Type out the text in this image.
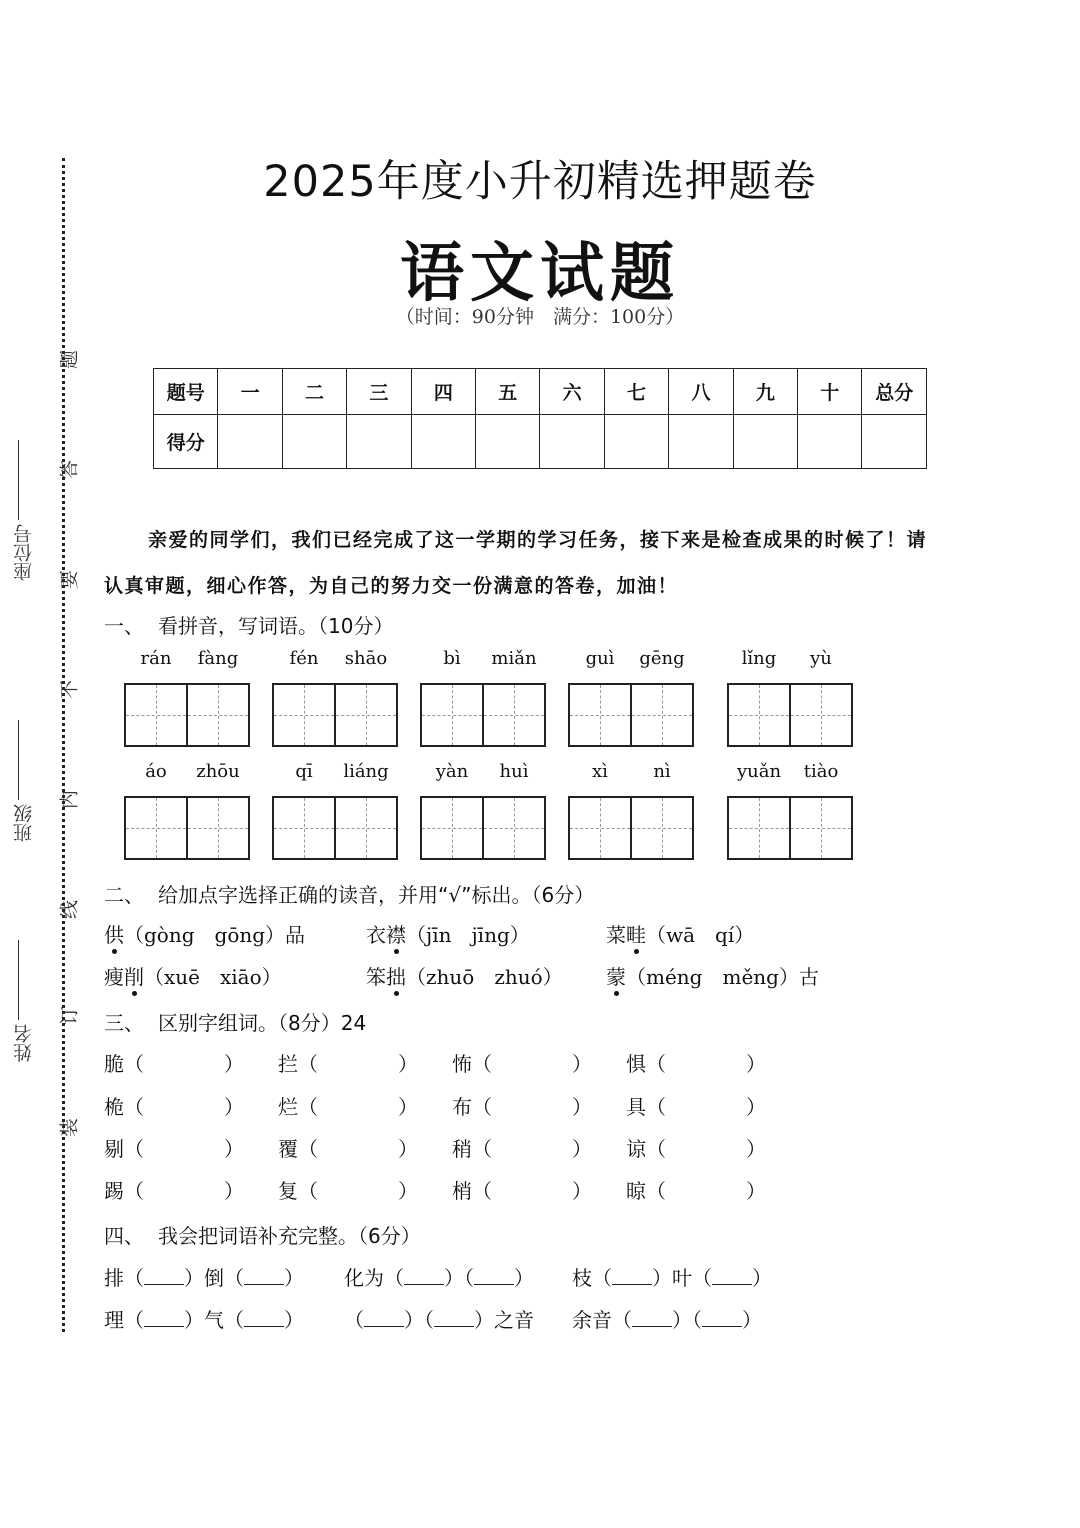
姓名
班级
座位号
装
订
线
内
不
要
答
题
2025年度小升初精选押题卷
语文试题
（时间：90分钟　满分：100分）
题号	一	二	三	四	五	六	七	八	九	十	总分
得分											
亲爱的同学们，我们已经完成了这一学期的学习任务，接下来是检查成果的时候了！请
认真审题，细心作答，为自己的努力交一份满意的答卷，加油！
一、 看拼音，写词语。（10分）
rán fàng	fén shāo	bì miǎn	guì gēng	lǐng yù
áo zhōu	qī liáng	yàn huì	xì	nì	yuǎn tiào
二、 给加点字选择正确的读音，并用“√”标出。（6分）
供（gòng　gōng）品	衣襟（jīn　jīng）	菜畦（wā　qí）
瘦削（xuē　xiāo）	笨拙（zhuō　zhuó） 蒙（méng　měng）古
三、 区别字组词。（8分）24
脆（　　　　） 拦（　　　　） 怖（　　　　） 惧（　　　　）
桅（　　　　） 烂（　　　　） 布（　　　　） 具（　　　　）
剔（　　　　） 覆（　　　　） 稍（　　　　） 谅（　　　　）
踢（　　　　） 复（　　　　） 梢（　　　　） 晾（　　　　）
四、 我会把词语补充完整。（6分）
排（ ）倒（ ） 化为（ ）（ ） 枝（ ）叶（ ）
理（ ）气（ ） （ ）（ ）之音 余音（ ）（ ）
